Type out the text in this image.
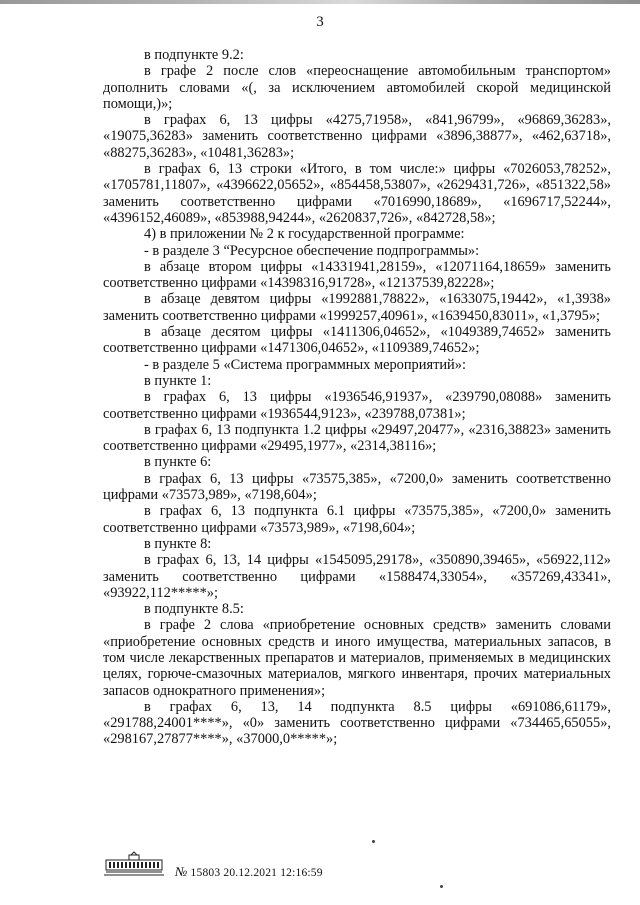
3

в подпункте 9.2:

в графе 2 после слов «переоснащение автомобильным транспортом» дополнить словами «(, за исключением автомобилей скорой медицинской помощи,)»;

в графах 6, 13 цифры «4275,71958», «841,96799», «96869,36283», «19075,36283» заменить соответственно цифрами «3896,38877», «462,63718», «88275,36283», «10481,36283»;

в графах 6, 13 строки «Итого, в том числе:» цифры «7026053,78252», «1705781,11807», «4396622,05652», «854458,53807», «2629431,726», «851322,58» заменить соответственно цифрами «7016990,18689», «1696717,52244», «4396152,46089», «853988,94244», «2620837,726», «842728,58»;

4) в приложении № 2 к государственной программе:

- в разделе 3 “Ресурсное обеспечение подпрограммы»:

в абзаце втором цифры «14331941,28159», «12071164,18659» заменить соответственно цифрами «14398316,91728», «12137539,82228»;

в абзаце девятом цифры «1992881,78822», «1633075,19442», «1,3938» заменить соответственно цифрами «1999257,40961», «1639450,83011», «1,3795»;

в абзаце десятом цифры «1411306,04652», «1049389,74652» заменить соответственно цифрами «1471306,04652», «1109389,74652»;

- в разделе 5 «Система программных мероприятий»:

в пункте 1:

в графах 6, 13 цифры «1936546,91937», «239790,08088» заменить соответственно цифрами «1936544,9123», «239788,07381»;

в графах 6, 13 подпункта 1.2 цифры «29497,20477», «2316,38823» заменить соответственно цифрами «29495,1977», «2314,38116»;

в пункте 6:

в графах 6, 13 цифры «73575,385», «7200,0» заменить соответственно цифрами «73573,989», «7198,604»;

в графах 6, 13 подпункта 6.1 цифры «73575,385», «7200,0» заменить соответственно цифрами «73573,989», «7198,604»;

в пункте 8:

в графах 6, 13, 14 цифры «1545095,29178», «350890,39465», «56922,112» заменить соответственно цифрами «1588474,33054», «357269,43341», «93922,112*****»;

в подпункте 8.5:

в графе 2 слова «приобретение основных средств» заменить словами «приобретение основных средств и иного имущества, материальных запасов, в том числе лекарственных препаратов и материалов, применяемых в медицинских целях, горюче-смазочных материалов, мягкого инвентаря, прочих материальных запасов однократного применения»;

в графах 6, 13, 14 подпункта 8.5 цифры «691086,61179», «291788,24001****», «0» заменить соответственно цифрами «734465,65055», «298167,27877****», «37000,0*****»;

№ 15803 20.12.2021 12:16:59
